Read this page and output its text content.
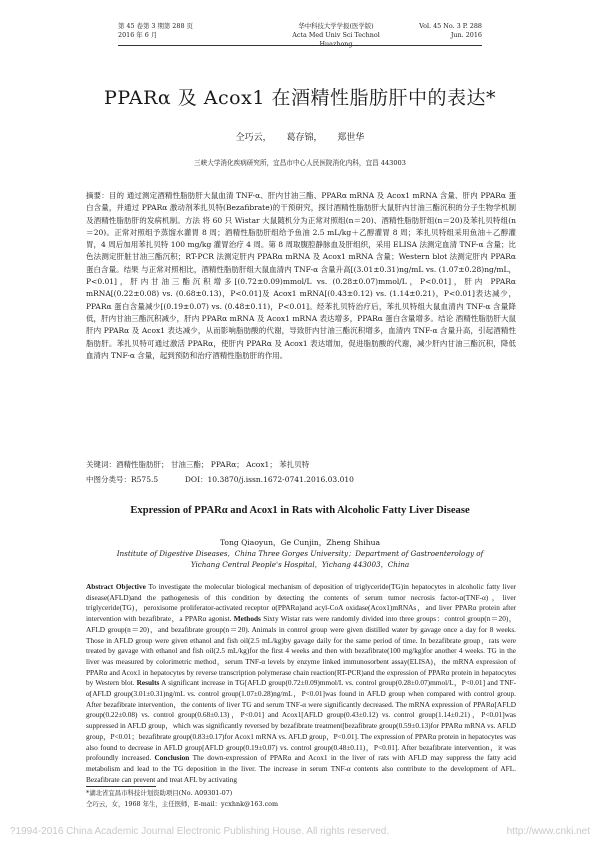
第 45 卷第 3 期第 288 页
2016 年 6 月
华中科技大学学报(医学版)
Acta Med Univ Sci Technol Huazhong
Vol. 45 No. 3 P. 288
Jun. 2016
PPARα 及 Acox1 在酒精性脂肪肝中的表达*
仝巧云， 葛存锦， 郑世华
三峡大学消化疾病研究所，宜昌市中心人民医院消化内科，宜昌 443003
摘要：目的 通过测定酒精性脂肪肝大鼠血清 TNF-α、肝内甘油三酯、PPARα mRNA 及 Acox1 mRNA 含量、肝内 PPARα 蛋白含量，并通过 PPARα 激动剂苯扎贝特(Bezafibrate)的干预研究，探讨酒精性脂肪肝大鼠肝内甘油三酯沉积的分子生物学机制及酒精性脂肪肝的发病机制。方法 将 60 只 Wistar 大鼠随机分为正常对照组(n＝20)、酒精性脂肪肝组(n＝20)及苯扎贝特组(n＝20)。正常对照组予蒸馏水灌胃 8 周；酒精性脂肪肝组给予鱼油 2.5 mL/kg＋乙醇灌胃 8 周；苯扎贝特组采用鱼油＋乙醇灌胃，4 周后加用苯扎贝特 100 mg/kg 灌胃治疗 4 周。第 8 周取腹腔静脉血及肝组织，采用 ELISA 法测定血清 TNF-α 含量；比色法测定肝脏甘油三酯沉积；RT-PCR 法测定肝内 PPARα mRNA 及 Acox1 mRNA 含量；Western blot 法测定肝内 PPARα 蛋白含量。结果 与正常对照相比，酒精性脂肪肝组大鼠血清内 TNF-α 含量升高[(3.01±0.31)ng/mL vs. (1.07±0.28)ng/mL，P<0.01]，肝内甘油三酯沉积增多[(0.72±0.09)mmol/L vs. (0.28±0.07)mmol/L，P<0.01]，肝内 PPARα mRNA[(0.22±0.08) vs. (0.68±0.13)，P<0.01]及 Acox1 mRNA[(0.43±0.12) vs. (1.14±0.21)，P<0.01]表达减少，PPARα 蛋白含量减少[(0.19±0.07) vs. (0.48±0.11)，P<0.01]。经苯扎贝特治疗后，苯扎贝特组大鼠血清内 TNF-α 含量降低，肝内甘油三酯沉积减少，肝内 PPARα mRNA 及 Acox1 mRNA 表达增多，PPARα 蛋白含量增多。结论 酒精性脂肪肝大鼠肝内 PPARα 及 Acox1 表达减少，从而影响脂肪酸的代谢，导致肝内甘油三酯沉积增多，血清内 TNF-α 含量升高，引起酒精性脂肪肝。苯扎贝特可通过激活 PPARα，使肝内 PPARα 及 Acox1 表达增加，促进脂肪酸的代谢，减少肝内甘油三酯沉积，降低血清内 TNF-α 含量，起到预防和治疗酒精性脂肪肝的作用。
关键词：酒精性脂肪肝； 甘油三酯； PPARα； Acox1； 苯扎贝特
中图分类号：R575.5	DOI：10.3870/j.issn.1672-0741.2016.03.010
Expression of PPARα and Acox1 in Rats with Alcoholic Fatty Liver Disease
Tong Qiaoyun，Ge Cunjin，Zheng Shihua
Institute of Digestive Diseases，China Three Gorges University；Department of Gastroenterology of
Yichang Central People's Hospital，Yichang 443003，China
Abstract Objective To investigate the molecular biological mechanism of deposition of triglyceride(TG)in hepatocytes in alcoholic fatty liver disease(AFLD)and the pathogenesis of this condition by detecting the contents of serum tumor necrosis factor-α(TNF-α)，liver triglyceride(TG)，peroxisome proliferator-activated receptor α(PPARα)and acyl-CoA oxidase(Acox1)mRNAs，and liver PPARα protein after intervention with bezafibrate，a PPARα agonist. Methods Sixty Wistar rats were randomly divided into three groups：control group(n＝20)，AFLD group(n＝20)，and bezafibrate group(n＝20). Animals in control group were given distilled water by gavage once a day for 8 weeks. Those in AFLD group were given ethanol and fish oil(2.5 mL/kg)by gavage daily for the same period of time. In bezafibrate group，rats were treated by gavage with ethanol and fish oil(2.5 mL/kg)for the first 4 weeks and then with bezafibrate(100 mg/kg)for another 4 weeks. TG in the liver was measured by colorimetric method，serum TNF-α levels by enzyme linked immunosorbent assay(ELISA)，the mRNA expression of PPARα and Acox1 in hepatocytes by reverse transcription polymerase chain reaction(RT-PCR)and the expression of PPARα protein in hepatocytes by Western blot. Results A significant increase in TG[AFLD group(0.72±0.09)mmol/L vs. control group(0.28±0.07)mmol/L，P<0.01] and TNF-α[AFLD group(3.01±0.31)ng/mL vs. control group(1.07±0.28)ng/mL，P<0.01]was found in AFLD group when compared with control group. After bezafibrate intervention，the contents of liver TG and serum TNF-α were significantly decreased. The mRNA expression of PPARα[AFLD group(0.22±0.08) vs. control group(0.68±0.13)，P<0.01] and Acox1[AFLD group(0.43±0.12) vs. control group(1.14±0.21)，P<0.01]was suppressed in AFLD group，which was significantly reversed by bezafibrate treatment[bezafibrate group(0.59±0.13)for PPARα mRNA vs. AFLD group，P<0.01；bezafibrate group(0.83±0.17)for Acox1 mRNA vs. AFLD group，P<0.01]. The expression of PPARα protein in hepatocytes was also found to decrease in AFLD group[AFLD group(0.19±0.07) vs. control group(0.48±0.11)，P<0.01]. After bezafibrate intervention，it was profoundly increased. Conclusion The down-expression of PPARα and Acox1 in the liver of rats with AFLD may suppress the fatty acid metabolism and lead to the TG deposition in the liver. The increase in serum TNF-α contents also contribute to the development of AFL. Bezafibrate can prevent and treat AFL by activating
*湖北省宜昌市科技计划资助项目(No. A09301-07)
仝巧云，女，1968 年生，主任医师，E-mail：ycxhnk@163.com
?1994-2016 China Academic Journal Electronic Publishing House. All rights reserved.	http://www.cnki.net
